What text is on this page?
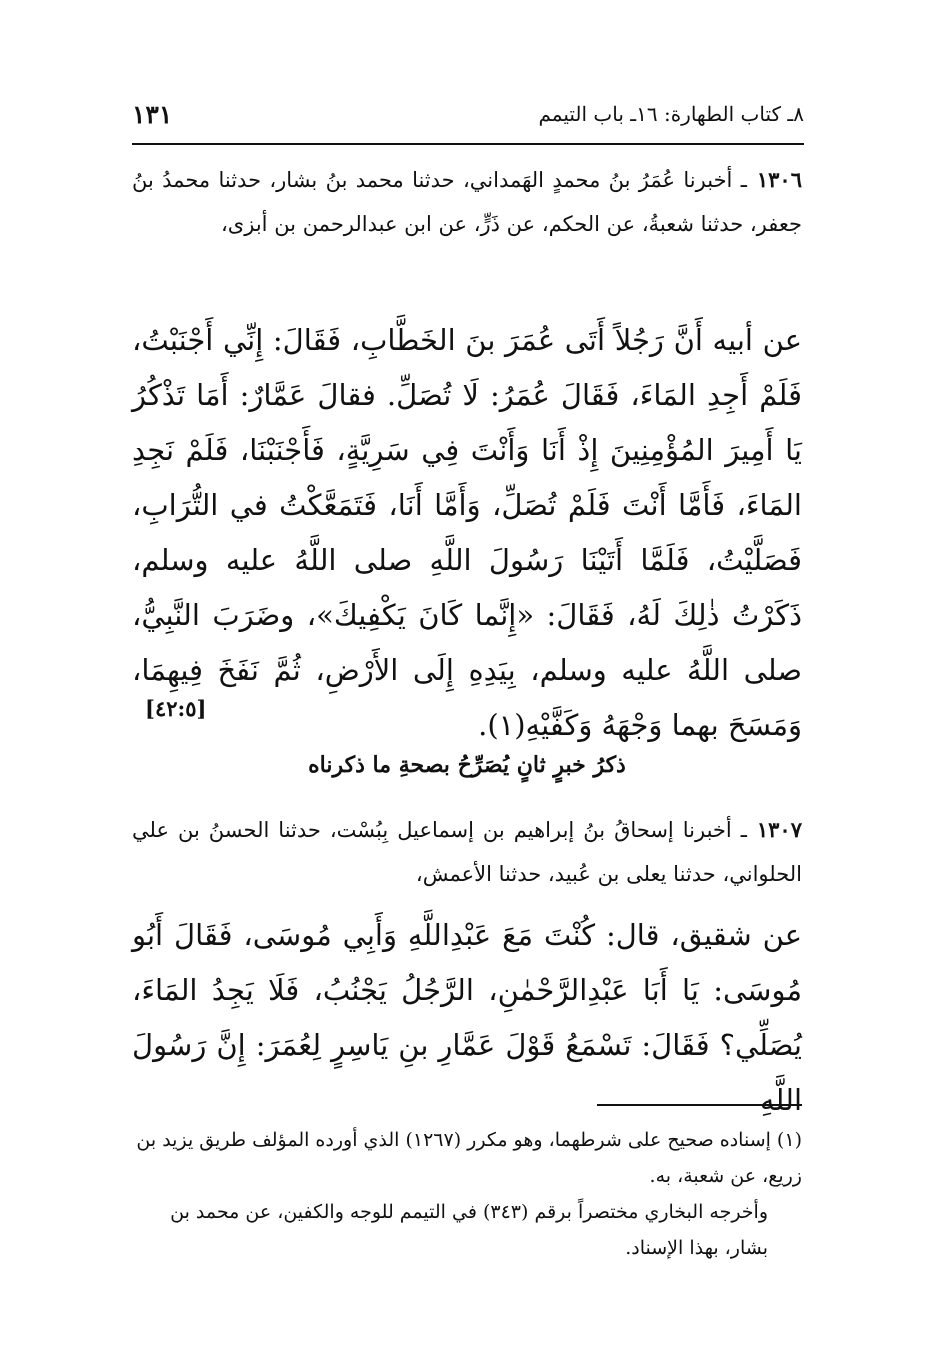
٨ـ كتاب الطهارة: ١٦ـ باب التيمم
١٣١
١٣٠٦ـ أخبرنا عُمَرُ بنُ محمدٍ الهَمداني، حدثنا محمد بنُ بشار، حدثنا محمدُ بنُ جعفر، حدثنا شعبةُ، عن الحكم، عن ذَرٍّ، عن ابن عبدالرحمن بن أبزى،
عن أبيه أَنَّ رَجُلاً أَتَى عُمَرَ بنَ الخَطَّابِ، فَقَالَ: إِنِّي أَجْنَبْتُ، فَلَمْ أَجِدِ المَاءَ، فَقَالَ عُمَرُ: لَا تُصَلِّ. فقالَ عَمَّارٌ: أَمَا تَذْكُرُ يَا أَمِيرَ المُؤْمِنِينَ إِذْ أَنَا وَأَنْتَ فِي سَرِيَّةٍ، فَأَجْنَبْنَا، فَلَمْ نَجِدِ المَاءَ، فَأَمَّا أَنْتَ فَلَمْ تُصَلِّ، وَأَمَّا أَنَا، فَتَمَعَّكْتُ في التُّرَابِ، فَصَلَّيْتُ، فَلَمَّا أَتَيْنَا رَسُولَ اللَّهِ صلى اللَّهُ عليه وسلم، ذَكَرْتُ ذٰلِكَ لَهُ، فَقَالَ: «إِنَّما كَانَ يَكْفِيكَ»، وضَرَبَ النَّبِيُّ، صلى اللَّهُ عليه وسلم، بِيَدِهِ إِلَى الأَرْضِ، ثُمَّ نَفَخَ فِيهِمَا، وَمَسَحَ بهما وَجْهَهُ وَكَفَّيْهِ(١).
[٤٢:٥]
ذكرُ خبرٍ ثانٍ يُصَرِّحُ بصحةِ ما ذكرناه
١٣٠٧ـ أخبرنا إسحاقُ بنُ إبراهيم بن إسماعيل بِبُسْت، حدثنا الحسنُ بن علي الحلواني، حدثنا يعلى بن عُبيد، حدثنا الأعمش،
عن شقيق، قال: كُنْتَ مَعَ عَبْدِاللَّهِ وَأَبِي مُوسَى، فَقَالَ أَبُو مُوسَى: يَا أَبَا عَبْدِالرَّحْمٰنِ، الرَّجُلُ يَجْنُبُ، فَلَا يَجِدُ المَاءَ، يُصَلِّي؟ فَقَالَ: تَسْمَعُ قَوْلَ عَمَّارِ بنِ يَاسِرٍ لِعُمَرَ: إِنَّ رَسُولَ اللَّهِ

(١) إسناده صحيح على شرطهما، وهو مكرر (١٢٦٧) الذي أورده المؤلف طريق يزيد بن زريع، عن شعبة، به.

وأخرجه البخاري مختصراً برقم (٣٤٣) في التيمم للوجه والكفين، عن محمد بن بشار، بهذا الإسناد.
